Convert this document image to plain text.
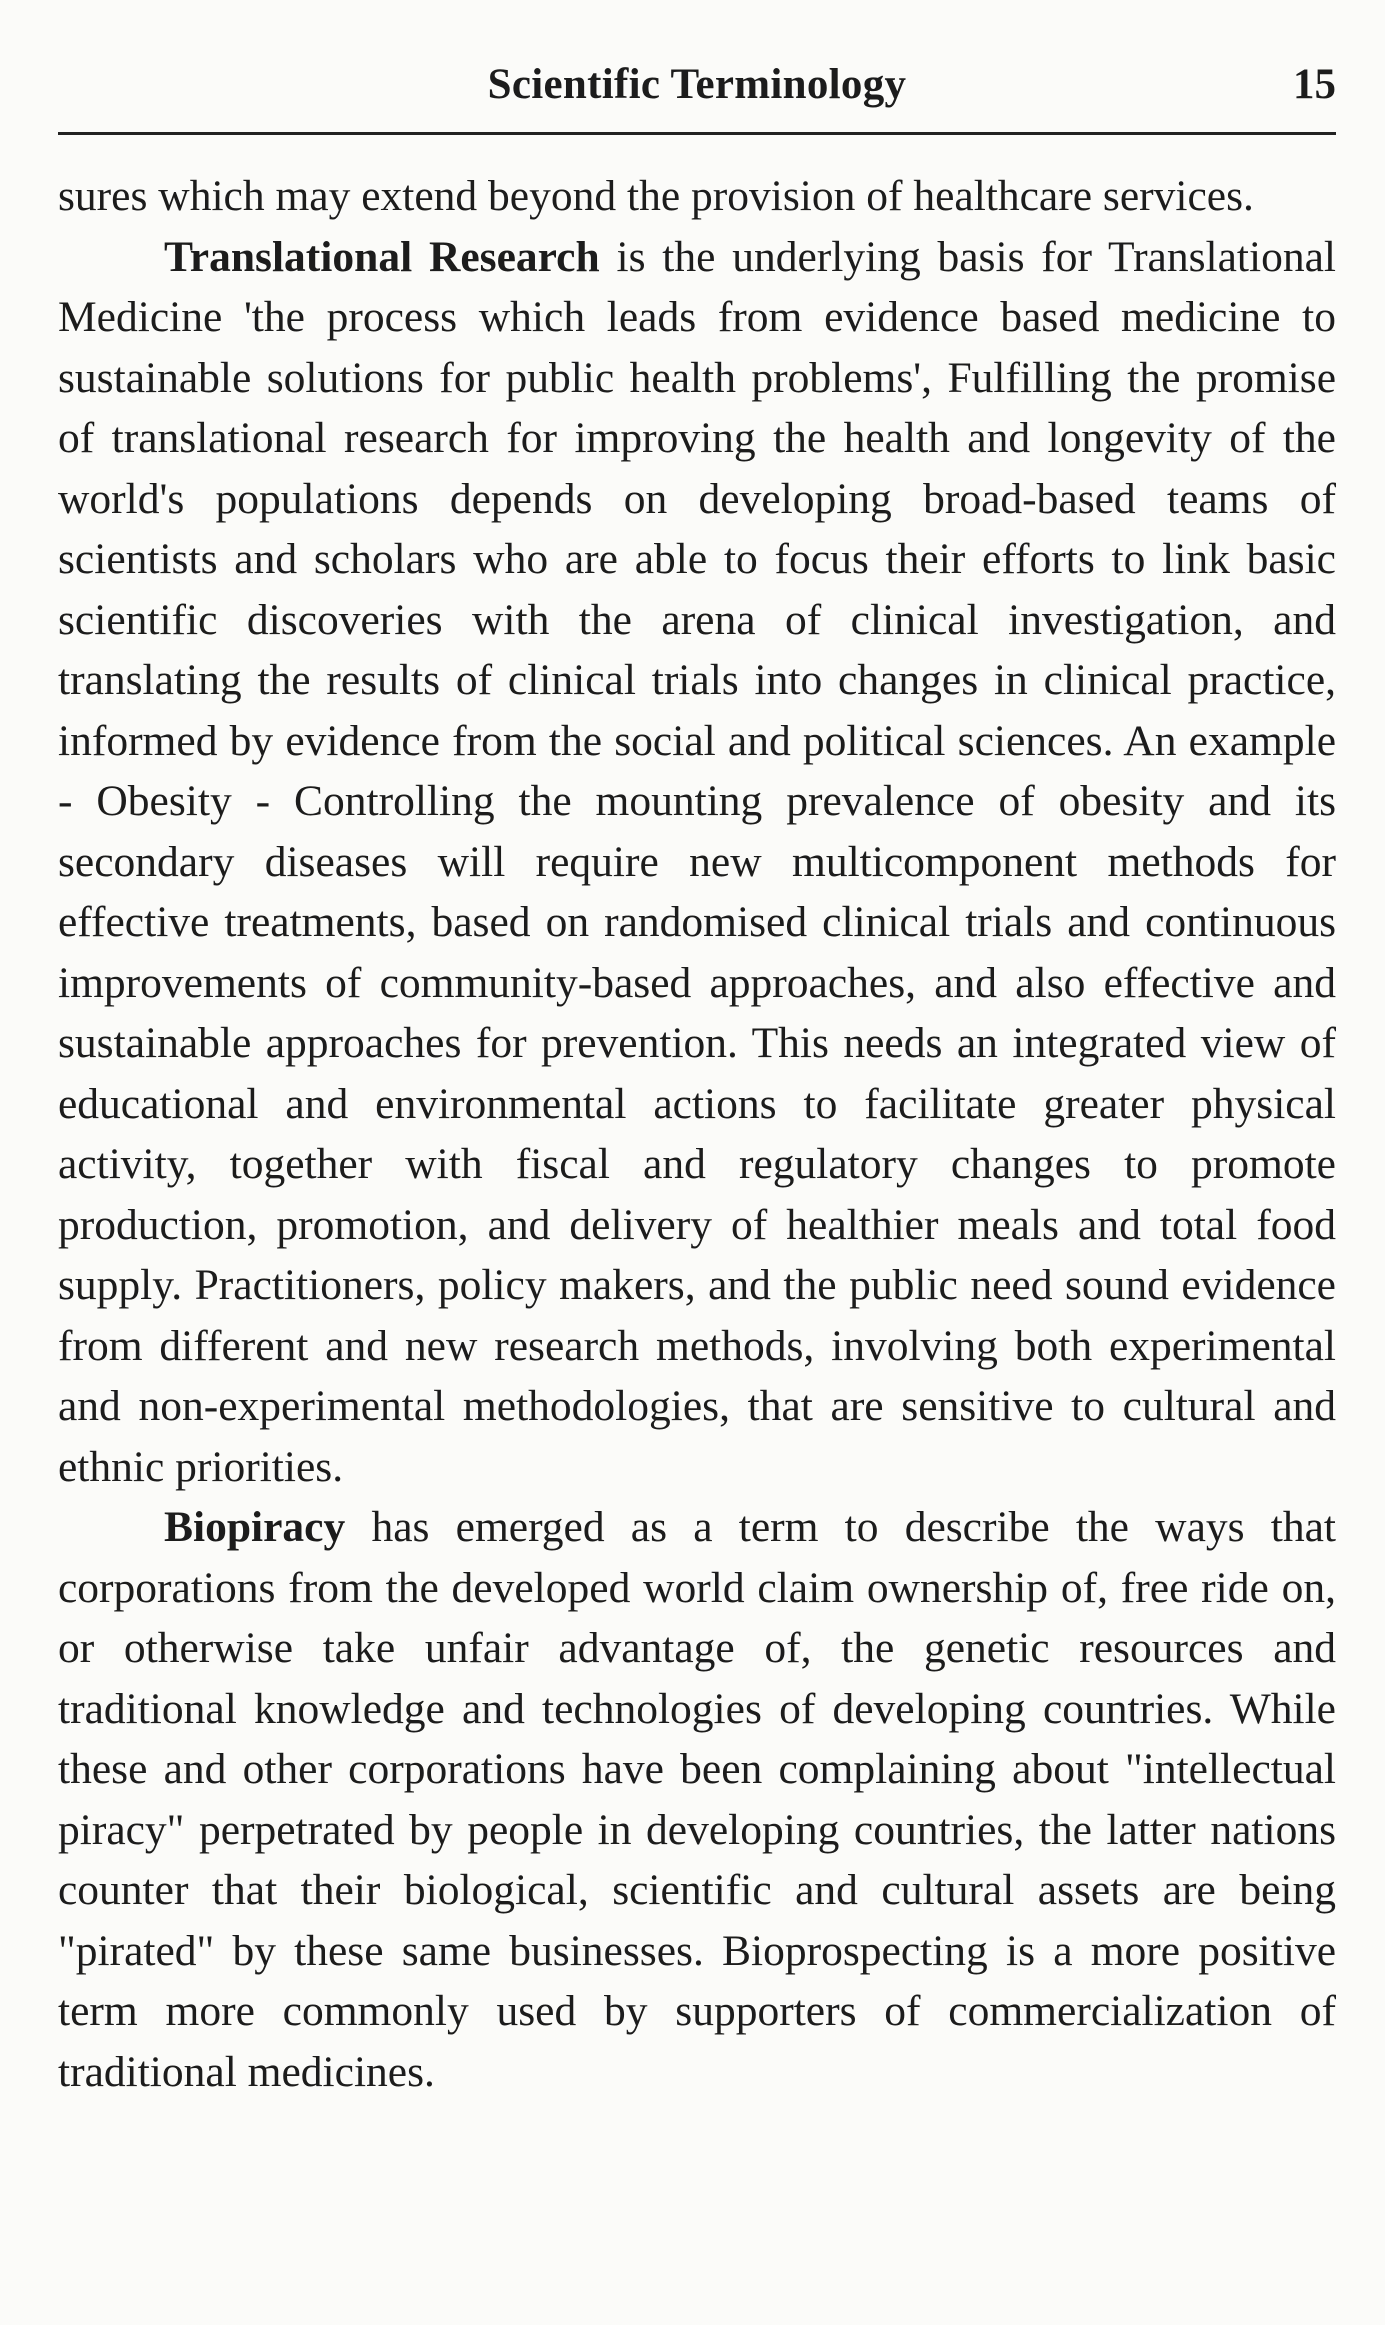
Scientific Terminology	15

sures which may extend beyond the provision of healthcare services.

Translational Research is the underlying basis for Translational Medicine 'the process which leads from evidence based medicine to sustainable solutions for public health problems', Fulfilling the promise of translational research for improving the health and longevity of the world's populations depends on developing broad-based teams of scientists and scholars who are able to focus their efforts to link basic scientific discoveries with the arena of clinical investigation, and translating the results of clinical trials into changes in clinical practice, informed by evidence from the social and political sciences. An example - Obesity - Controlling the mounting prevalence of obesity and its secondary diseases will require new multicomponent methods for effective treatments, based on randomised clinical trials and continuous improvements of community-based approaches, and also effective and sustainable approaches for prevention. This needs an integrated view of educational and environmental actions to facilitate greater physical activity, together with fiscal and regulatory changes to promote production, promotion, and delivery of healthier meals and total food supply. Practitioners, policy makers, and the public need sound evidence from different and new research methods, involving both experimental and non-experimental methodologies, that are sensitive to cultural and ethnic priorities.

Biopiracy has emerged as a term to describe the ways that corporations from the developed world claim ownership of, free ride on, or otherwise take unfair advantage of, the genetic resources and traditional knowledge and technologies of developing countries. While these and other corporations have been complaining about "intellectual piracy" perpetrated by people in developing countries, the latter nations counter that their biological, scientific and cultural assets are being "pirated" by these same businesses. Bioprospecting is a more positive term more commonly used by supporters of commercialization of traditional medicines.
